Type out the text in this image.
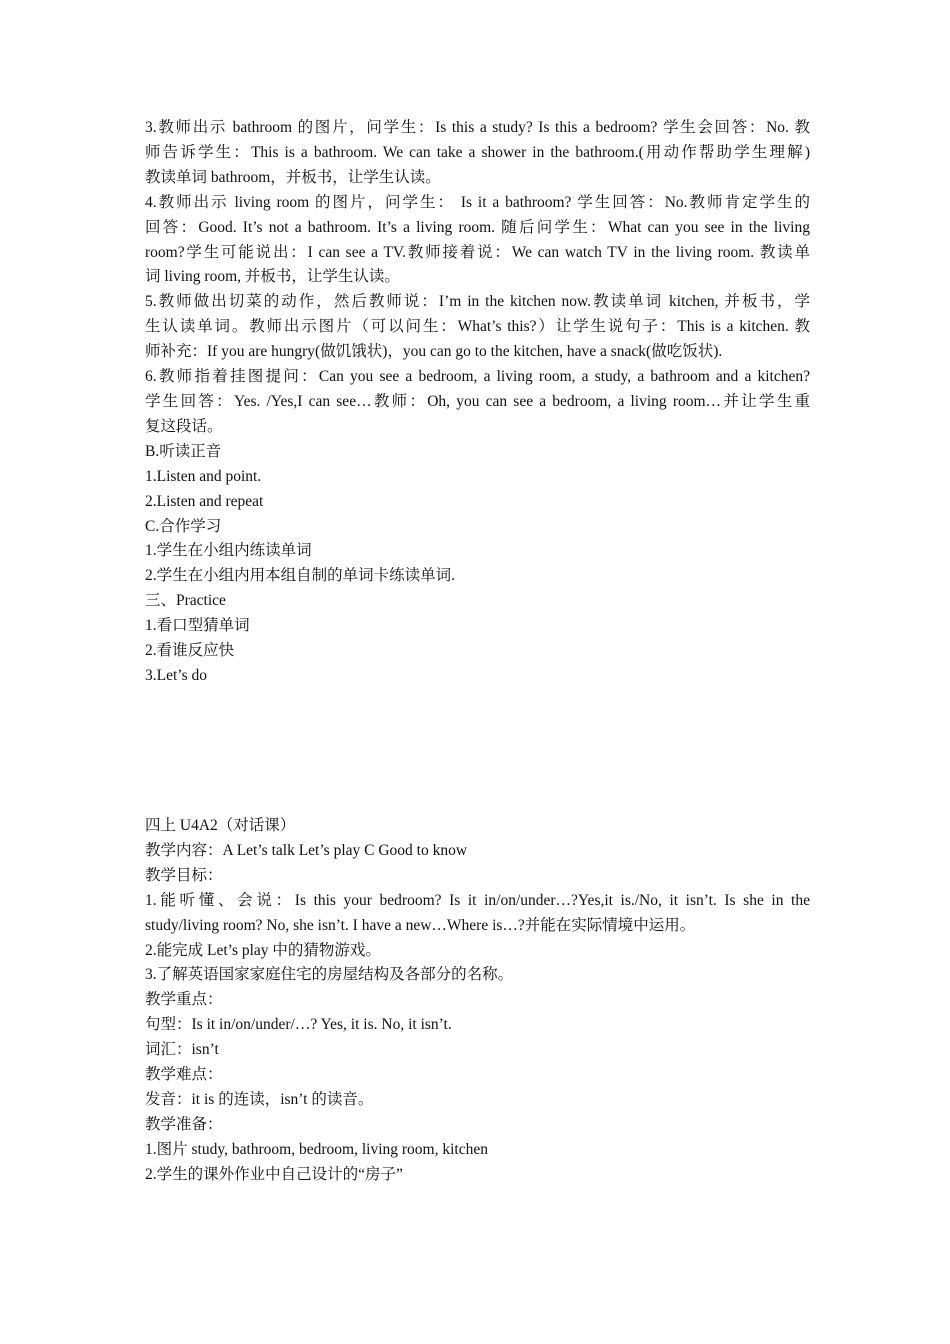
3.教师出示 bathroom 的图片，问学生：Is this a study? Is this a bedroom? 学生会回答：No. 教
师告诉学生：This is a bathroom. We can take a shower in the bathroom.(用动作帮助学生理解)
教读单词 bathroom，并板书，让学生认读。
4.教师出示 living room 的图片，问学生： Is it a bathroom? 学生回答：No.教师肯定学生的
回答：Good. It’s not a bathroom. It’s a living room. 随后问学生：What can you see in the living
room?学生可能说出：I can see a TV.教师接着说：We can watch TV in the living room. 教读单
词 living room, 并板书，让学生认读。
5.教师做出切菜的动作，然后教师说：I’m in the kitchen now.教读单词 kitchen, 并板书，学
生认读单词。教师出示图片（可以问生：What’s this?）让学生说句子：This is a kitchen. 教
师补充：If you are hungry(做饥饿状)，you can go to the kitchen, have a snack(做吃饭状).
6.教师指着挂图提问：Can you see a bedroom, a living room, a study, a bathroom and a kitchen?
学生回答：Yes. /Yes,I can see…教师：Oh, you can see a bedroom, a living room…并让学生重
复这段话。
B.听读正音
1.Listen and point.
2.Listen and repeat
C.合作学习
1.学生在小组内练读单词
2.学生在小组内用本组自制的单词卡练读单词.
三、Practice
1.看口型猜单词
2.看谁反应快
3.Let’s do
四上 U4A2（对话课）
教学内容：A Let’s talk Let’s play C Good to know
教学目标：
1.能听懂、会说：Is this your bedroom? Is it in/on/under…?Yes,it is./No, it isn’t. Is she in the
study/living room? No, she isn’t. I have a new…Where is…?并能在实际情境中运用。
2.能完成 Let’s play 中的猜物游戏。
3.了解英语国家家庭住宅的房屋结构及各部分的名称。
教学重点：
句型：Is it in/on/under/…? Yes, it is. No, it isn’t.
词汇：isn’t
教学难点：
发音：it is 的连读，isn’t 的读音。
教学准备：
1.图片 study, bathroom, bedroom, living room, kitchen
2.学生的课外作业中自己设计的“房子”
